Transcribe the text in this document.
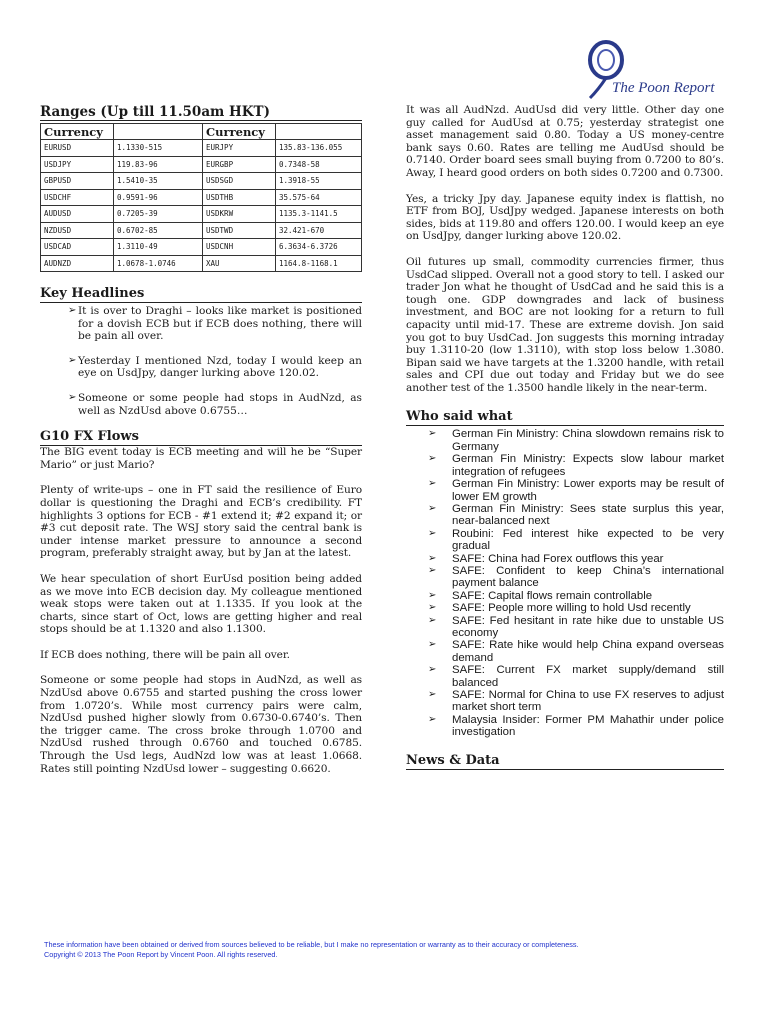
The Poon Report
Ranges (Up till 11.50am HKT)
Currency		Currency	
EURUSD	1.1330-515	EURJPY	135.83-136.055
USDJPY	119.83-96	EURGBP	0.7348-58
GBPUSD	1.5410-35	USDSGD	1.3918-55
USDCHF	0.9591-96	USDTHB	35.575-64
AUDUSD	0.7205-39	USDKRW	1135.3-1141.5
NZDUSD	0.6702-85	USDTWD	32.421-670
USDCAD	1.3110-49	USDCNH	6.3634-6.3726
AUDNZD	1.0678-1.0746	XAU	1164.8-1168.1
Key Headlines
➢ It is over to Draghi – looks like market is positioned for a dovish ECB but if ECB does nothing, there will be pain all over.
➢ Yesterday I mentioned Nzd, today I would keep an eye on UsdJpy, danger lurking above 120.02.
➢ Someone or some people had stops in AudNzd, as well as NzdUsd above 0.6755…
G10 FX Flows

The BIG event today is ECB meeting and will he be “Super Mario” or just Mario?

Plenty of write-ups – one in FT said the resilience of Euro dollar is questioning the Draghi and ECB’s credibility. FT highlights 3 options for ECB - #1 extend it; #2 expand it; or #3 cut deposit rate. The WSJ story said the central bank is under intense market pressure to announce a second program, preferably straight away, but by Jan at the latest.

We hear speculation of short EurUsd position being added as we move into ECB decision day. My colleague mentioned weak stops were taken out at 1.1335. If you look at the charts, since start of Oct, lows are getting higher and real stops should be at 1.1320 and also 1.1300.

If ECB does nothing, there will be pain all over.

Someone or some people had stops in AudNzd, as well as NzdUsd above 0.6755 and started pushing the cross lower from 1.0720’s. While most currency pairs were calm, NzdUsd pushed higher slowly from 0.6730-0.6740’s. Then the trigger came. The cross broke through 1.0700 and NzdUsd rushed through 0.6760 and touched 0.6785. Through the Usd legs, AudNzd low was at least 1.0668. Rates still pointing NzdUsd lower – suggesting 0.6620.

It was all AudNzd. AudUsd did very little. Other day one guy called for AudUsd at 0.75; yesterday strategist one asset management said 0.80. Today a US money-centre bank says 0.60. Rates are telling me AudUsd should be 0.7140. Order board sees small buying from 0.7200 to 80’s. Away, I heard good orders on both sides 0.7200 and 0.7300.

Yes, a tricky Jpy day. Japanese equity index is flattish, no ETF from BOJ, UsdJpy wedged. Japanese interests on both sides, bids at 119.80 and offers 120.00. I would keep an eye on UsdJpy, danger lurking above 120.02.

Oil futures up small, commodity currencies firmer, thus UsdCad slipped. Overall not a good story to tell. I asked our trader Jon what he thought of UsdCad and he said this is a tough one. GDP downgrades and lack of business investment, and BOC are not looking for a return to full capacity until mid-17. These are extreme dovish. Jon said you got to buy UsdCad. Jon suggests this morning intraday buy 1.3110-20 (low 1.3110), with stop loss below 1.3080. Bipan said we have targets at the 1.3200 handle, with retail sales and CPI due out today and Friday but we do see another test of the 1.3500 handle likely in the near-term.

Who said what
➢ German Fin Ministry: China slowdown remains risk to Germany
➢ German Fin Ministry: Expects slow labour market integration of refugees
➢ German Fin Ministry: Lower exports may be result of lower EM growth
➢ German Fin Ministry: Sees state surplus this year, near-balanced next
➢ Roubini: Fed interest hike expected to be very gradual
➢ SAFE: China had Forex outflows this year
➢ SAFE: Confident to keep China’s international payment balance
➢ SAFE: Capital flows remain controllable
➢ SAFE: People more willing to hold Usd recently
➢ SAFE: Fed hesitant in rate hike due to unstable US economy
➢ SAFE: Rate hike would help China expand overseas demand
➢ SAFE: Current FX market supply/demand still balanced
➢ SAFE: Normal for China to use FX reserves to adjust market short term
➢ Malaysia Insider: Former PM Mahathir under police investigation
News & Data
These information have been obtained or derived from sources believed to be reliable, but I make no representation or warranty as to their accuracy or completeness.
Copyright © 2013 The Poon Report by Vincent Poon. All rights reserved.
